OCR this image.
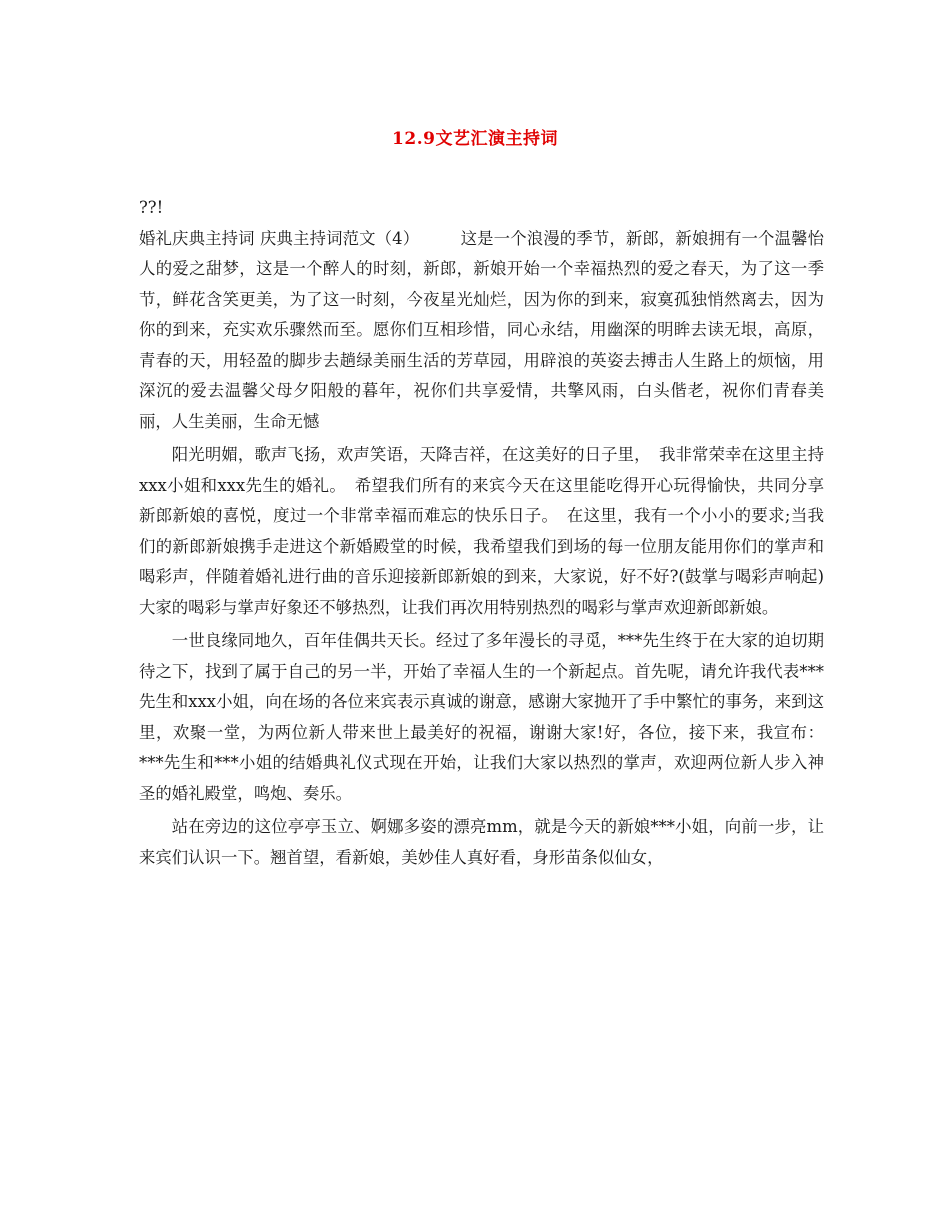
12.9文艺汇演主持词

??!

婚礼庆典主持词 庆典主持词范文（4）　　　这是一个浪漫的季节，新郎，新娘拥有一个温馨怡人的爱之甜梦，这是一个醉人的时刻，新郎，新娘开始一个幸福热烈的爱之春天，为了这一季节，鲜花含笑更美，为了这一时刻，今夜星光灿烂，因为你的到来，寂寞孤独悄然离去，因为你的到来，充实欢乐骤然而至。愿你们互相珍惜，同心永结，用幽深的明眸去读无垠，高原，青春的天，用轻盈的脚步去趟绿美丽生活的芳草园，用辟浪的英姿去搏击人生路上的烦恼，用深沉的爱去温馨父母夕阳般的暮年，祝你们共享爱情，共擎风雨，白头偕老，祝你们青春美丽，人生美丽，生命无憾

阳光明媚，歌声飞扬，欢声笑语，天降吉祥，在这美好的日子里，　我非常荣幸在这里主持xxx小姐和xxx先生的婚礼。　希望我们所有的来宾今天在这里能吃得开心玩得愉快，共同分享新郎新娘的喜悦，度过一个非常幸福而难忘的快乐日子。　在这里，我有一个小小的要求;当我们的新郎新娘携手走进这个新婚殿堂的时候，我希望我们到场的每一位朋友能用你们的掌声和喝彩声，伴随着婚礼进行曲的音乐迎接新郎新娘的到来，大家说，好不好?(鼓掌与喝彩声响起)大家的喝彩与掌声好象还不够热烈，让我们再次用特别热烈的喝彩与掌声欢迎新郎新娘。

一世良缘同地久，百年佳偶共天长。经过了多年漫长的寻觅，***先生终于在大家的迫切期待之下，找到了属于自己的另一半，开始了幸福人生的一个新起点。首先呢，请允许我代表***先生和xxx小姐，向在场的各位来宾表示真诚的谢意，感谢大家抛开了手中繁忙的事务，来到这里，欢聚一堂，为两位新人带来世上最美好的祝福，谢谢大家!好，各位，接下来，我宣布：***先生和***小姐的结婚典礼仪式现在开始，让我们大家以热烈的掌声，欢迎两位新人步入神圣的婚礼殿堂，鸣炮、奏乐。

站在旁边的这位亭亭玉立、婀娜多姿的漂亮mm，就是今天的新娘***小姐，向前一步，让来宾们认识一下。翘首望，看新娘，美妙佳人真好看，身形苗条似仙女，
